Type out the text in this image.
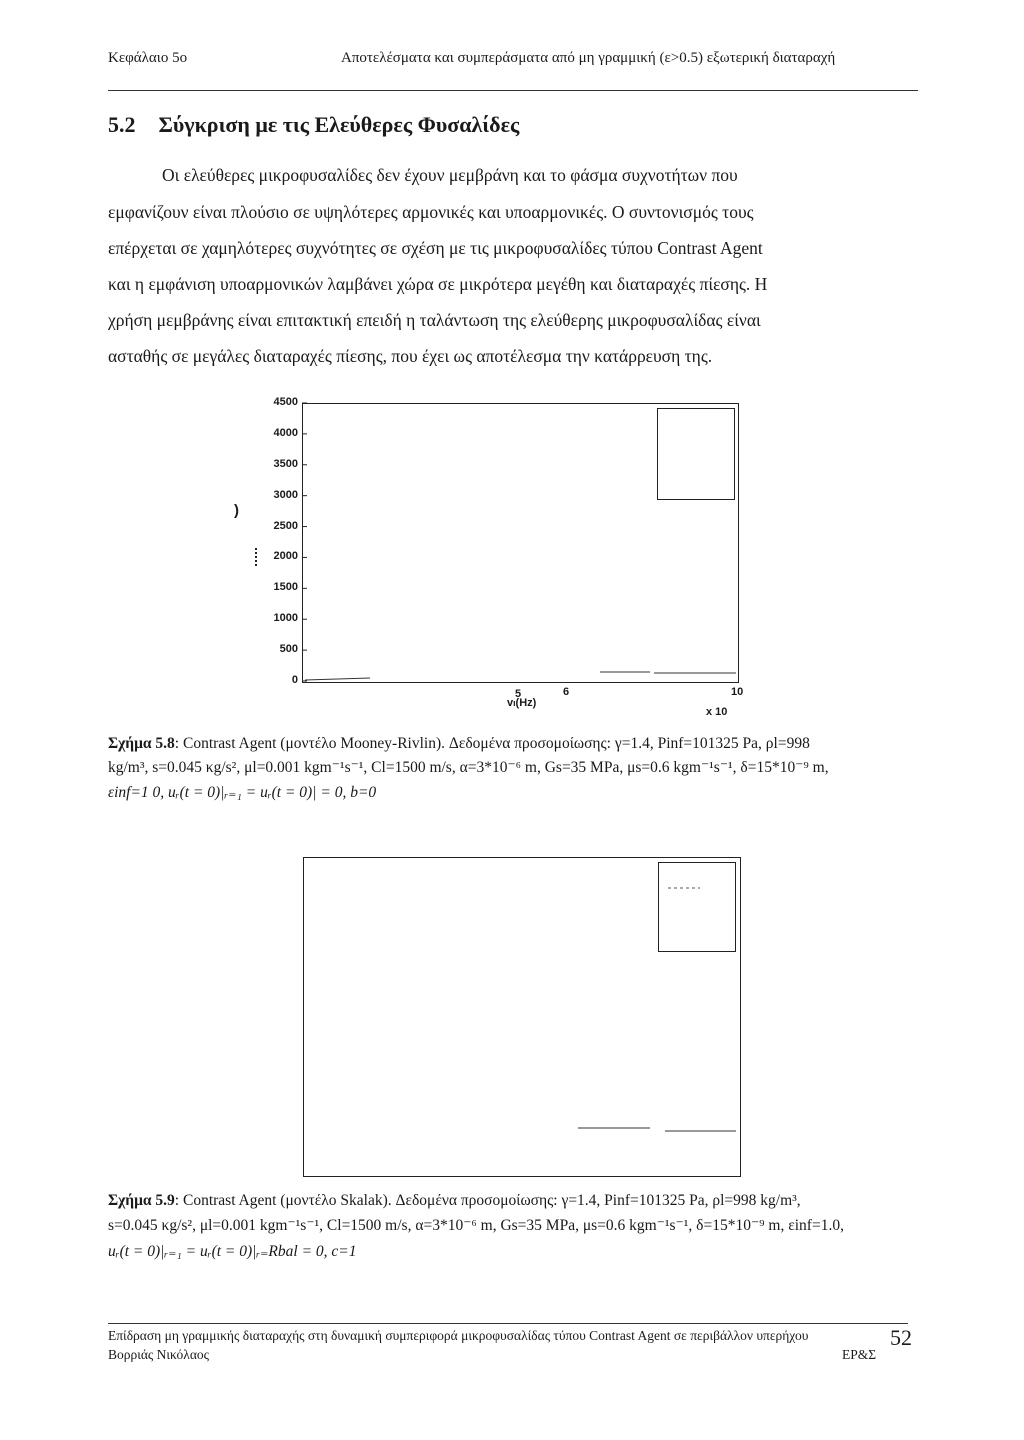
Κεφάλαιο 5ο	Αποτελέσματα και συμπεράσματα από μη γραμμική (ε>0.5) εξωτερική διαταραχή
5.2 Σύγκριση με τις Ελεύθερες Φυσαλίδες
Οι ελεύθερες μικροφυσαλίδες δεν έχουν μεμβράνη και το φάσμα συχνοτήτων που
εμφανίζουν είναι πλούσιο σε υψηλότερες αρμονικές και υποαρμονικές. Ο συντονισμός τους
επέρχεται σε χαμηλότερες συχνότητες σε σχέση με τις μικροφυσαλίδες τύπου Contrast Agent
και η εμφάνιση υποαρμονικών λαμβάνει χώρα σε μικρότερα μεγέθη και διαταραχές πίεσης. Η
χρήση μεμβράνης είναι επιτακτική επειδή η ταλάντωση της ελεύθερης μικροφυσαλίδας είναι
ασταθής σε μεγάλες διαταραχές πίεσης, που έχει ως αποτέλεσμα την κατάρρευση της.
4500
4000
3500
3000
2500
2000
1500
1000
500
0
5	6	10
vₗ(Hz)
x 10
)
Σχήμα 5.8: Contrast Agent (μοντέλο Mooney-Rivlin). Δεδομένα προσομοίωσης: γ=1.4, Pinf=101325 Pa, ρl=998
kg/m³, s=0.045 κg/s², μl=0.001 kgm⁻¹s⁻¹, Cl=1500 m/s, α=3*10⁻⁶ m, Gs=35 MPa, μs=0.6 kgm⁻¹s⁻¹, δ=15*10⁻⁹ m,
εinf=1 0, uᵣ(t = 0)|ᵣ₌₁ = uᵣ(t = 0)| = 0, b=0
Σχήμα 5.9: Contrast Agent (μοντέλο Skalak). Δεδομένα προσομοίωσης: γ=1.4, Pinf=101325 Pa, ρl=998 kg/m³,
s=0.045 κg/s², μl=0.001 kgm⁻¹s⁻¹, Cl=1500 m/s, α=3*10⁻⁶ m, Gs=35 MPa, μs=0.6 kgm⁻¹s⁻¹, δ=15*10⁻⁹ m, εinf=1.0,
uᵣ(t = 0)|ᵣ₌₁ = uᵣ(t = 0)|ᵣ₌Rbal = 0, c=1
Επίδραση μη γραμμικής διαταραχής στη δυναμική συμπεριφορά μικροφυσαλίδας τύπου Contrast Agent σε περιβάλλον υπερήχου
Βορριάς Νικόλαος	ΕΡ&Σ
52
